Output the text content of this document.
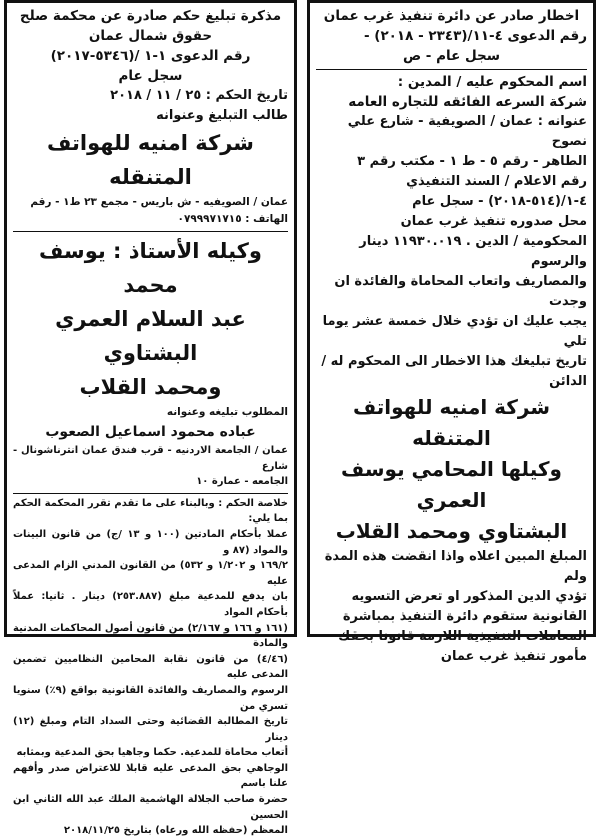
اخطار صادر عن دائرة تنفيذ غرب عمان
رقم الدعوى ٤-١١/(٢٣٤٣ - ٢٠١٨) -
سجل عام - ص
اسم المحكوم عليه / المدين :
شركة السرعه الفائقه للتجاره العامه
عنوانه : عمان / الصويفية - شارع علي نصوح
الطاهر - رقم ٥ - ط ١ - مكتب رقم ٣
رقم الاعلام / السند التنفيذي
٤-١/(٥١٤-٢٠١٨) - سجل عام
محل صدوره تنفيذ غرب عمان
المحكومية / الدين . ١١٩٣٠.٠١٩ دينار والرسوم
والمصاريف واتعاب المحاماة والفائدة ان وجدت
يجب عليك ان تؤدي خلال خمسة عشر يوما تلي
تاريخ تبليغك هذا الاخطار الى المحكوم له /
الدائن
شركة امنيه للهواتف المتنقله
وكيلها المحامي يوسف العمري
البشتاوي ومحمد القلاب
المبلغ المبين اعلاه واذا انقضت هذه المدة ولم
تؤدي الدين المذكور او تعرض التسويه
القانونية ستقوم دائرة التنفيذ بمباشرة
المعاملات التنفيذية اللازمة قانونا بحقك
مأمور تنفيذ غرب عمان
مذكرة تبليغ حكم صادرة عن محكمة صلح
حقوق شمال عمان
رقم الدعوى ١-١ /(٥٣٤٦-٢٠١٧)
سجل عام
تاريخ الحكم : ٢٥ / ١١ / ٢٠١٨
طالب التبليغ وعنوانه
شركة امنيه للهواتف المتنقله
عمان / الصويفيه - ش باريس - مجمع ٢٣ ط١ - رقم
الهاتف : ٠٧٩٩٩٧١٧١٥
وكيله الأستاذ : يوسف محمد
عبد السلام العمري البشتاوي
ومحمد القلاب
المطلوب تبليغه وعنوانه
عباده محمود اسماعيل الصعوب
عمان / الجامعة الاردنيه - قرب فندق عمان انترناشونال - شارع
الجامعه - عمارة ١٠
خلاصة الحكم : وبالبناء على ما تقدم تقرر المحكمة الحكم بما يلي:
عملا بأحكام المادتين (١٠٠ و ١٣ /ج) من قانون البينات والمواد (٨٧ و
١٦٩/٢ و ١/٢٠٢ و ٥٣٢) من القانون المدني الزام المدعى عليه
بان يدفع للمدعية مبلغ (٢٥٣.٨٨٧) دينار . ثانيا: عملاً بأحكام المواد
(١٦١ و ١٦٦ و ٢/١٦٧) من قانون أصول المحاكمات المدنية والمادة
(٤/٤٦) من قانون نقابة المحامين النظاميين تضمين المدعى عليه
الرسوم والمصاريف والفائدة القانونية بواقع (٩٪) سنويا تسري من
تاريخ المطالبة القضائية وحتى السداد التام ومبلغ (١٢) دينار
أتعاب محاماة للمدعية. حكما وجاهيا بحق المدعية وبمثابه
الوجاهي بحق المدعى عليه قابلا للاعتراض صدر وأفهم علنا باسم
حضرة صاحب الجلالة الهاشمية الملك عبد الله الثاني ابن الحسين
المعظم (حفظه الله ورعاه) بتاريخ ٢٠١٨/١١/٢٥
